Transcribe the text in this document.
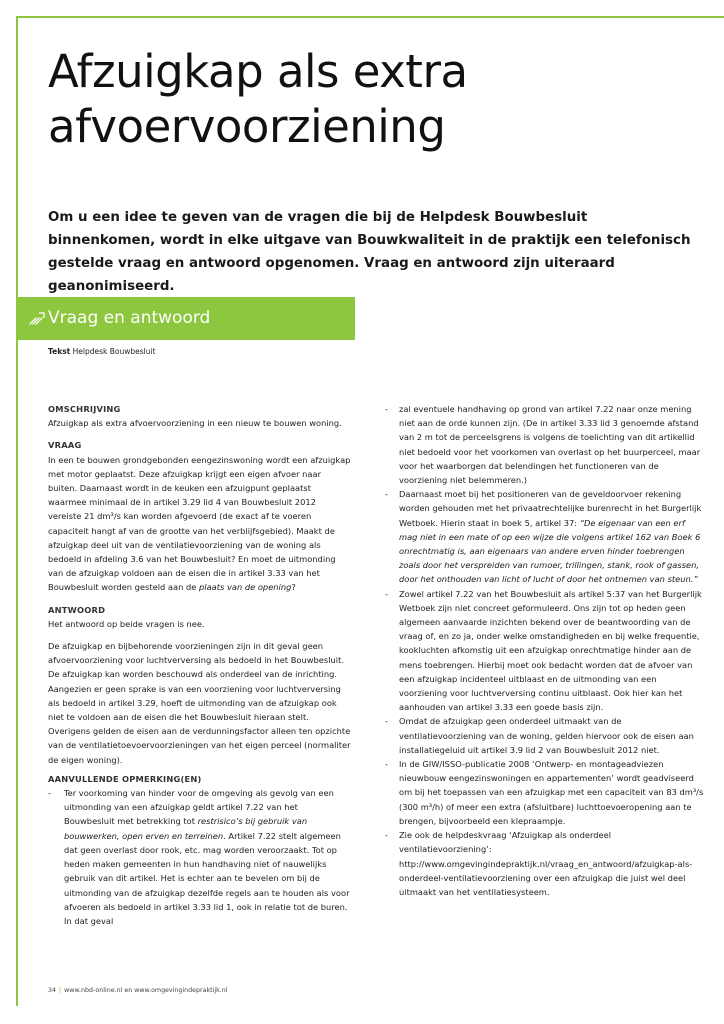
Afzuigkap als extra
afvoervoorziening

Om u een idee te geven van de vragen die bij de Helpdesk Bouwbesluit binnenkomen, wordt in elke uitgave van Bouwkwaliteit in de praktijk een telefonisch gestelde vraag en antwoord opgenomen. Vraag en antwoord zijn uiteraard geanonimiseerd.

Vraag en antwoord
Tekst Helpdesk Bouwbesluit
OMSCHRIJVING

Afzuigkap als extra afvoervoorziening in een nieuw te bouwen woning.

VRAAG

In een te bouwen grondgebonden eengezinswoning wordt een afzuigkap met motor geplaatst. Deze afzuigkap krijgt een eigen afvoer naar buiten. Daarnaast wordt in de keuken een afzuigpunt geplaatst waarmee minimaal de in artikel 3.29 lid 4 van Bouwbesluit 2012 vereiste 21 dm³/s kan worden afgevoerd (de exact af te voeren capaciteit hangt af van de grootte van het verblijfsgebied). Maakt de afzuigkap deel uit van de ventilatievoorziening van de woning als bedoeld in afdeling 3.6 van het Bouwbesluit? En moet de uitmonding van de afzuigkap voldoen aan de eisen die in artikel 3.33 van het Bouwbesluit worden gesteld aan de plaats van de opening?

ANTWOORD

Het antwoord op beide vragen is nee.

De afzuigkap en bijbehorende voorzieningen zijn in dit geval geen afvoervoorziening voor luchtverversing als bedoeld in het Bouwbesluit. De afzuigkap kan worden beschouwd als onderdeel van de inrichting. Aangezien er geen sprake is van een voorziening voor luchtverversing als bedoeld in artikel 3.29, hoeft de uitmonding van de afzuigkap ook niet te voldoen aan de eisen die het Bouwbesluit hieraan stelt. Overigens gelden de eisen aan de verdunningsfactor alleen ten opzichte van de ventilatietoevoervoorzieningen van het eigen perceel (normaliter de eigen woning).

AANVULLENDE OPMERKING(EN)
- Ter voorkoming van hinder voor de omgeving als gevolg van een uitmonding van een afzuigkap geldt artikel 7.22 van het Bouwbesluit met betrekking tot restrisico’s bij gebruik van bouwwerken, open erven en terreinen. Artikel 7.22 stelt algemeen dat geen overlast door rook, etc. mag worden veroorzaakt. Tot op heden maken gemeenten in hun handhaving niet of nauwelijks gebruik van dit artikel. Het is echter aan te bevelen om bij de uitmonding van de afzuigkap dezelfde regels aan te houden als voor afvoeren als bedoeld in artikel 3.33 lid 1, ook in relatie tot de buren. In dat geval
- zal eventuele handhaving op grond van artikel 7.22 naar onze mening niet aan de orde kunnen zijn. (De in artikel 3.33 lid 3 genoemde afstand van 2 m tot de perceelsgrens is volgens de toelichting van dit artikellid niet bedoeld voor het voorkomen van overlast op het buurperceel, maar voor het waarborgen dat belendingen het functioneren van de voorziening niet belemmeren.)
- Daarnaast moet bij het positioneren van de geveldoorvoer rekening worden gehouden met het privaatrechtelijke burenrecht in het Burgerlijk Wetboek. Hierin staat in boek 5, artikel 37: “De eigenaar van een erf mag niet in een mate of op een wijze die volgens artikel 162 van Boek 6 onrechtmatig is, aan eigenaars van andere erven hinder toebrengen zoals door het verspreiden van rumoer, trillingen, stank, rook of gassen, door het onthouden van licht of lucht of door het ontnemen van steun.”
- Zowel artikel 7.22 van het Bouwbesluit als artikel 5:37 van het Burgerlijk Wetboek zijn niet concreet geformuleerd. Ons zijn tot op heden geen algemeen aanvaarde inzichten bekend over de beantwoording van de vraag of, en zo ja, onder welke omstandigheden en bij welke frequentie, kookluchten afkomstig uit een afzuigkap onrechtmatige hinder aan de mens toebrengen. Hierbij moet ook bedacht worden dat de afvoer van een afzuigkap incidenteel uitblaast en de uitmonding van een voorziening voor luchtverversing continu uitblaast. Ook hier kan het aanhouden van artikel 3.33 een goede basis zijn.
- Omdat de afzuigkap geen onderdeel uitmaakt van de ventilatievoorziening van de woning, gelden hiervoor ook de eisen aan installatiegeluid uit artikel 3.9 lid 2 van Bouwbesluit 2012 niet.
- In de GIW/ISSO-publicatie 2008 ‘Ontwerp- en montageadviezen nieuwbouw eengezinswoningen en appartementen’ wordt geadviseerd om bij het toepassen van een afzuigkap met een capaciteit van 83 dm³/s (300 m³/h) of meer een extra (afsluitbare) luchttoevoeropening aan te brengen, bijvoorbeeld een klepraampje.
- Zie ook de helpdeskvraag ‘Afzuigkap als onderdeel ventilatievoorziening’: http://www.omgevingindepraktijk.nl/vraag_en_antwoord/afzuigkap-als-onderdeel-ventilatievoorziening over een afzuigkap die juist wel deel uitmaakt van het ventilatiesysteem.
34 | www.nbd-online.nl en www.omgevingindepraktijk.nl
